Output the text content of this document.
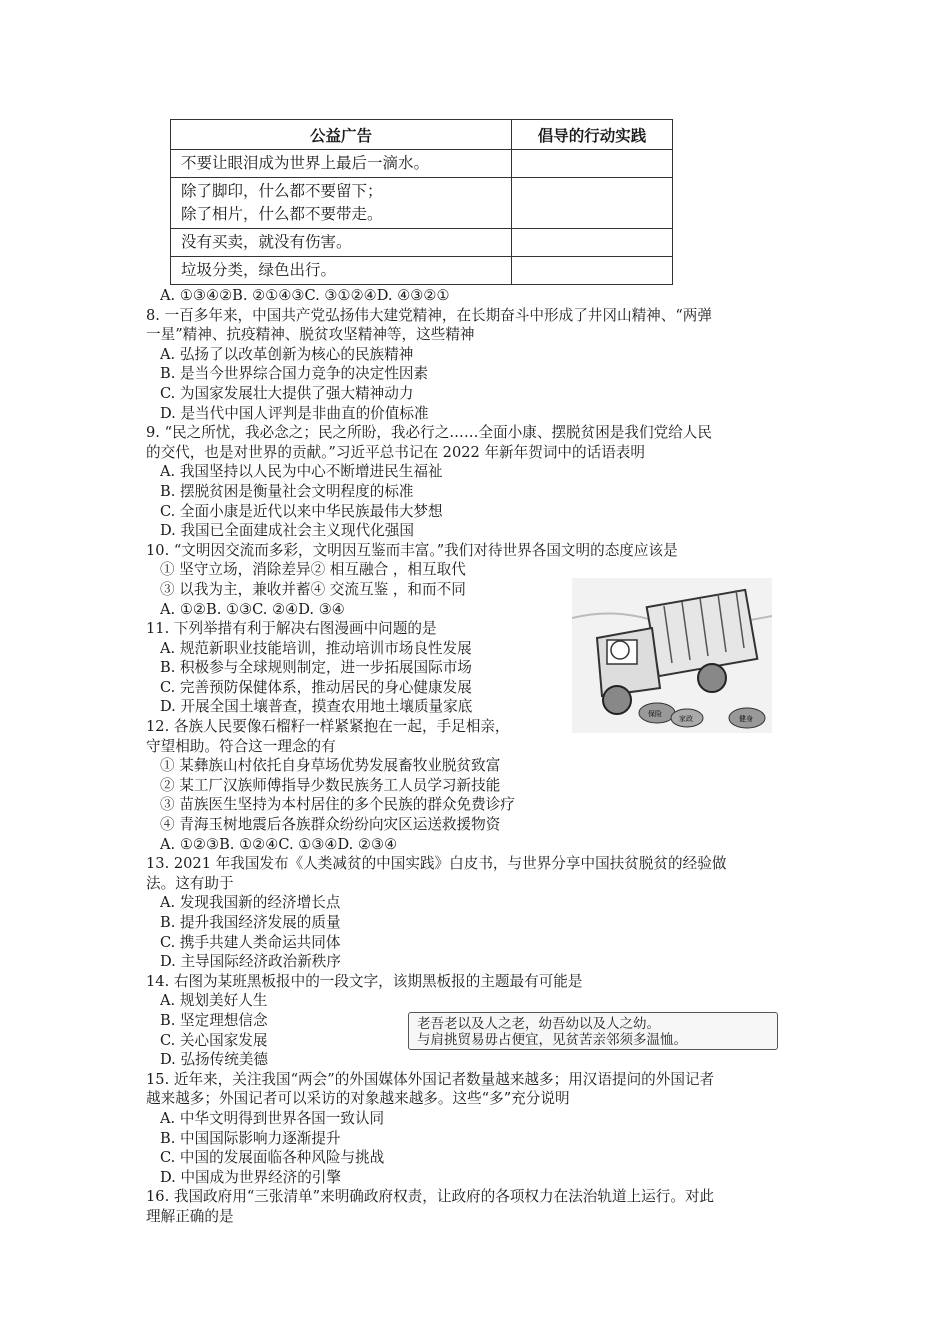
公益广告	倡导的行动实践

不要让眼泪成为世界上最后一滴水。	

除了脚印，什么都不要留下；
除了相片，什么都不要带走。	

没有买卖，就没有伤害。	

垃圾分类，绿色出行。	

A. ①③④②B. ②①④③C. ③①②④D. ④③②①
8. 一百多年来，中国共产党弘扬伟大建党精神，在长期奋斗中形成了井冈山精神、“两弹
一星”精神、抗疫精神、脱贫攻坚精神等，这些精神
A. 弘扬了以改革创新为核心的民族精神
B. 是当今世界综合国力竞争的决定性因素
C. 为国家发展壮大提供了强大精神动力
D. 是当代中国人评判是非曲直的价值标准
9. “民之所忧，我必念之；民之所盼，我必行之……全面小康、摆脱贫困是我们党给人民
的交代，也是对世界的贡献。”习近平总书记在 2022 年新年贺词中的话语表明
A. 我国坚持以人民为中心不断增进民生福祉
B. 摆脱贫困是衡量社会文明程度的标准
C. 全面小康是近代以来中华民族最伟大梦想
D. 我国已全面建成社会主义现代化强国
10. “文明因交流而多彩，文明因互鉴而丰富。”我们对待世界各国文明的态度应该是
① 坚守立场，消除差异② 相互融合 ，相互取代
③ 以我为主，兼收并蓄④ 交流互鉴 ，和而不同
A. ①②B. ①③C. ②④D. ③④
11. 下列举措有利于解决右图漫画中问题的是
A. 规范新职业技能培训，推动培训市场良性发展
B. 积极参与全球规则制定，进一步拓展国际市场
C. 完善预防保健体系，推动居民的身心健康发展
D. 开展全国土壤普查，摸查农用地土壤质量家底
12. 各族人民要像石榴籽一样紧紧抱在一起，手足相亲，
守望相助。符合这一理念的有
① 某彝族山村依托自身草场优势发展畜牧业脱贫致富
② 某工厂汉族师傅指导少数民族务工人员学习新技能
③ 苗族医生坚持为本村居住的多个民族的群众免费诊疗
④ 青海玉树地震后各族群众纷纷向灾区运送救援物资
A. ①②③B. ①②④C. ①③④D. ②③④
13. 2021 年我国发布《人类减贫的中国实践》白皮书，与世界分享中国扶贫脱贫的经验做
法。这有助于
A. 发现我国新的经济增长点
B. 提升我国经济发展的质量
C. 携手共建人类命运共同体
D. 主导国际经济政治新秩序
14. 右图为某班黑板报中的一段文字，该期黑板报的主题最有可能是
A. 规划美好人生
B. 坚定理想信念
C. 关心国家发展
D. 弘扬传统美德
15. 近年来，关注我国“两会”的外国媒体外国记者数量越来越多；用汉语提问的外国记者
越来越多；外国记者可以采访的对象越来越多。这些“多”充分说明
A. 中华文明得到世界各国一致认同
B. 中国国际影响力逐渐提升
C. 中国的发展面临各种风险与挑战
D. 中国成为世界经济的引擎
16. 我国政府用“三张清单”来明确政府权责，让政府的各项权力在法治轨道上运行。对此
理解正确的是
保险
家政	健身
老吾老以及人之老，幼吾幼以及人之幼。
与肩挑贸易毋占便宜，见贫苦亲邻须多温恤。
